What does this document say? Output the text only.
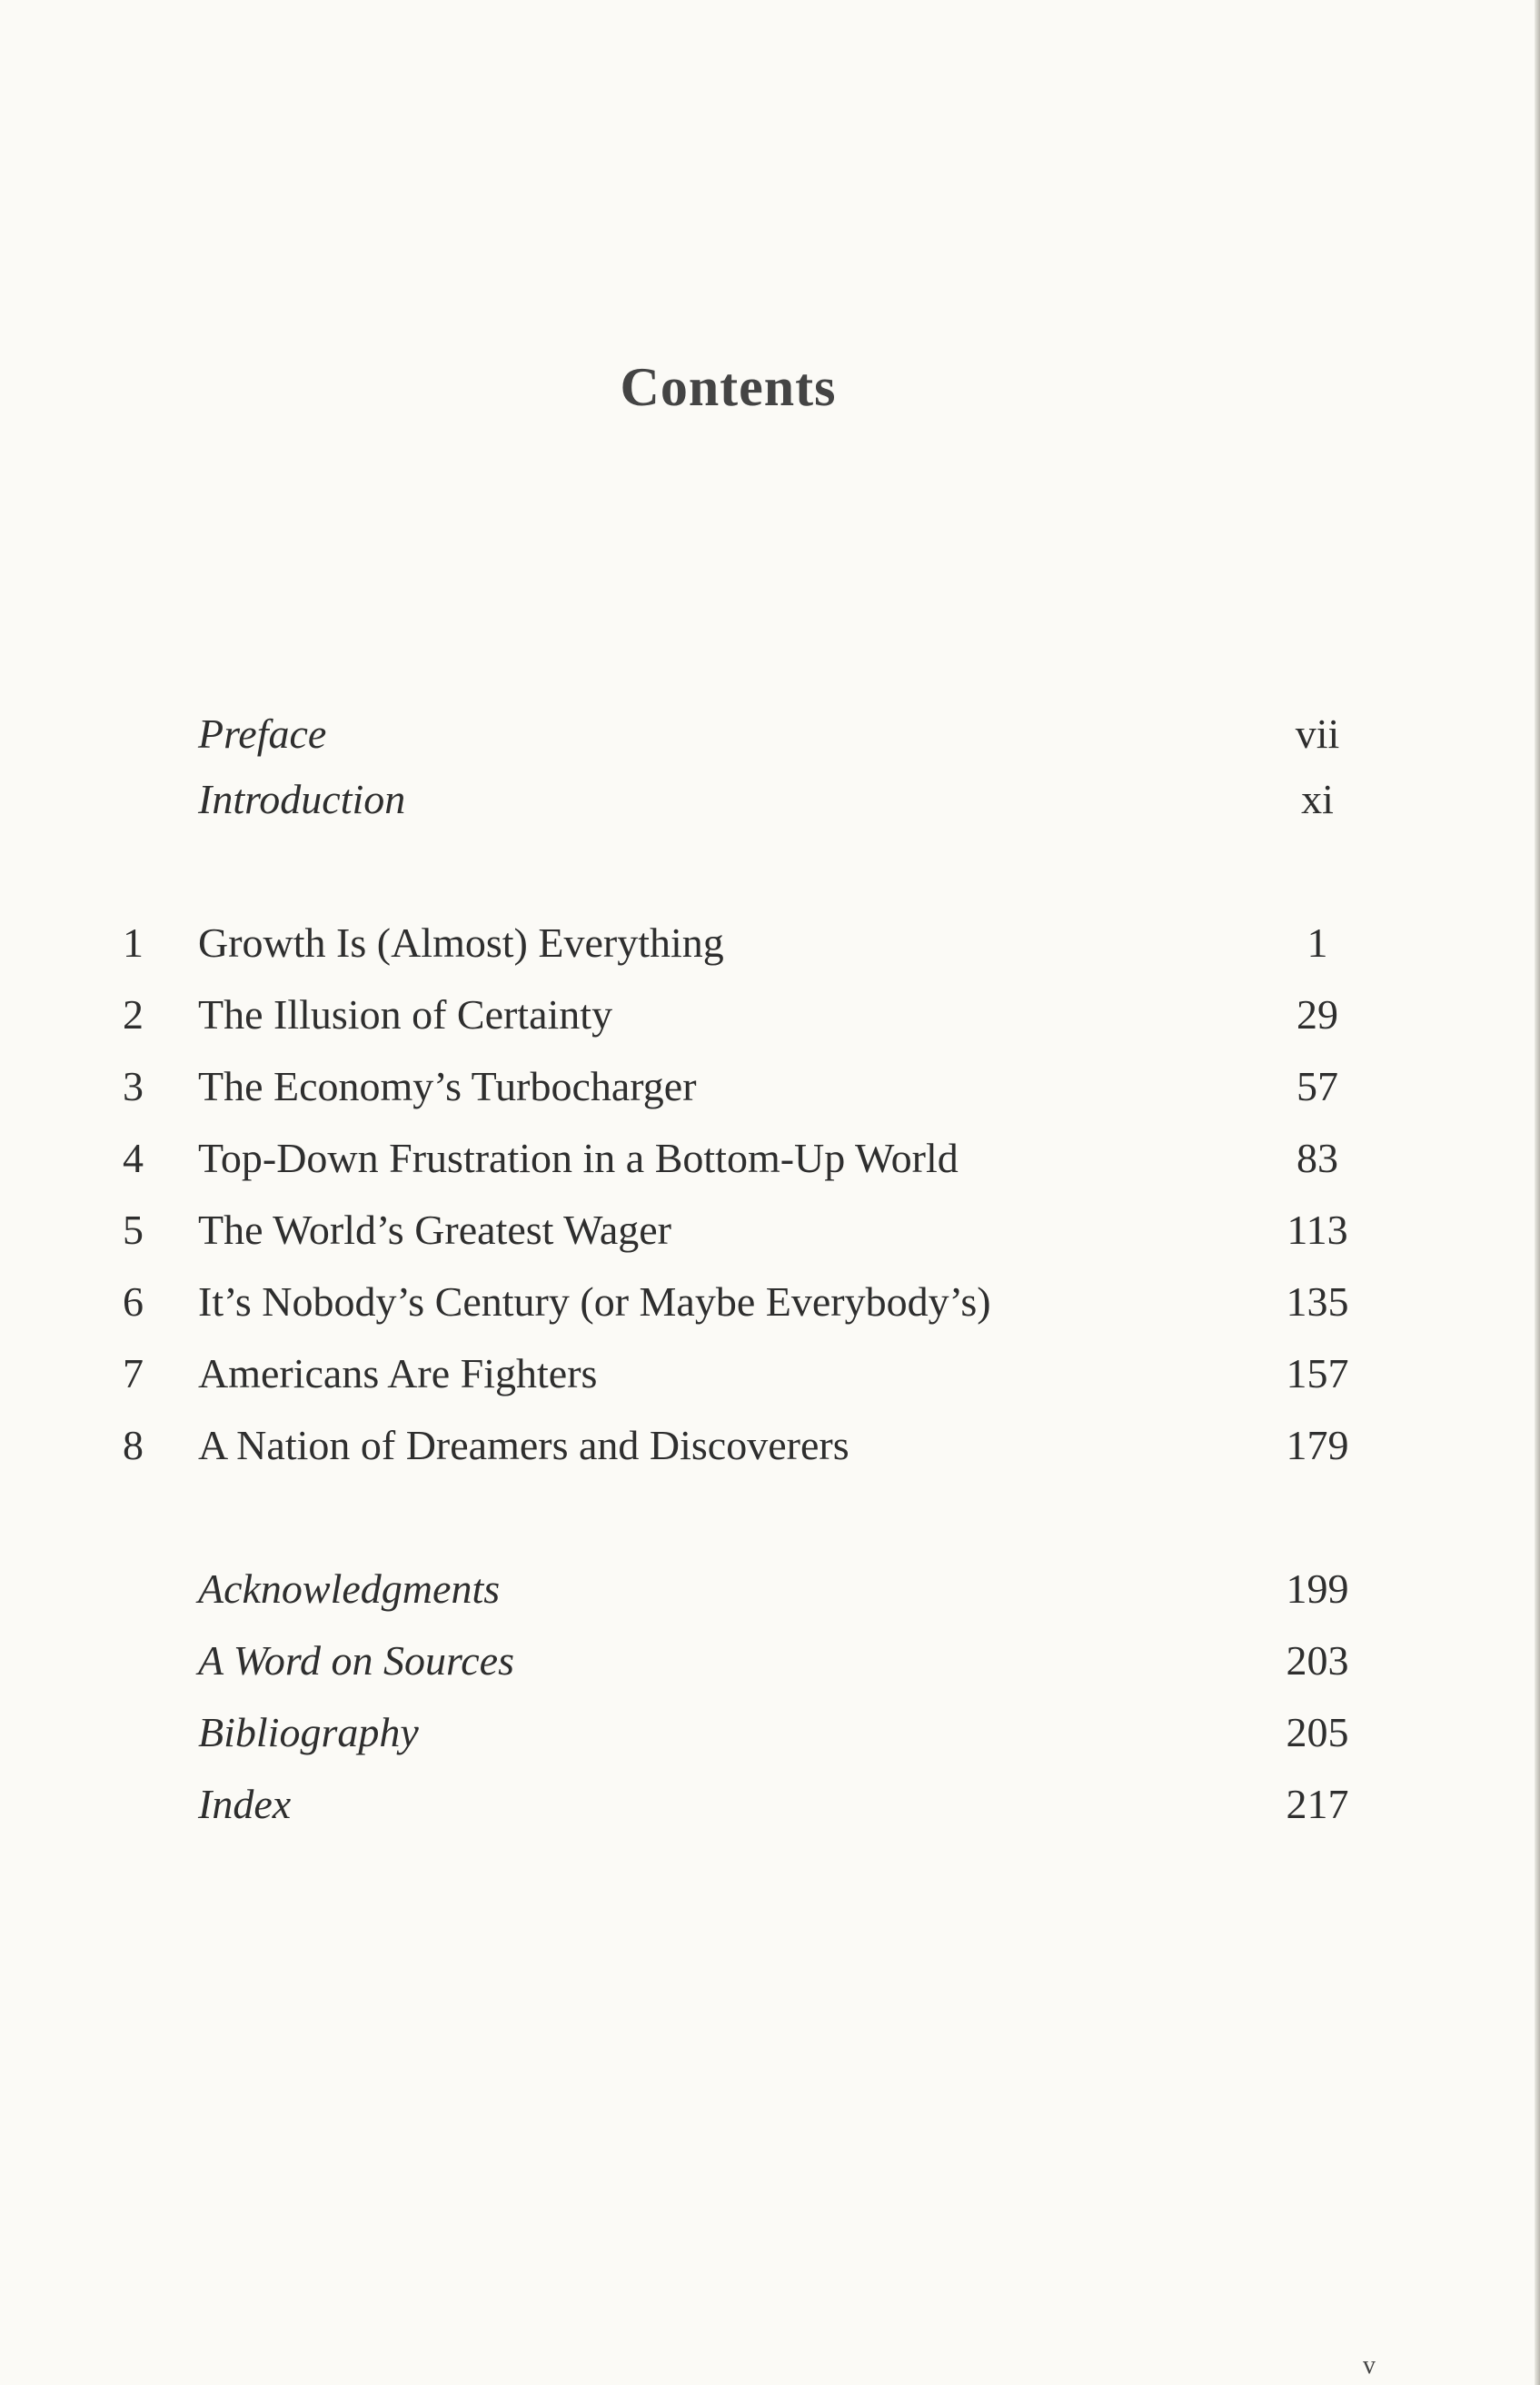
Contents
Preface	vii
Introduction	xi
1	Growth Is (Almost) Everything	1
2	The Illusion of Certainty	29
3	The Economy’s Turbocharger	57
4	Top-Down Frustration in a Bottom-Up World	83
5	The World’s Greatest Wager	113
6	It’s Nobody’s Century (or Maybe Everybody’s)	135
7	Americans Are Fighters	157
8	A Nation of Dreamers and Discoverers	179
Acknowledgments	199
A Word on Sources	203
Bibliography	205
Index	217
v
